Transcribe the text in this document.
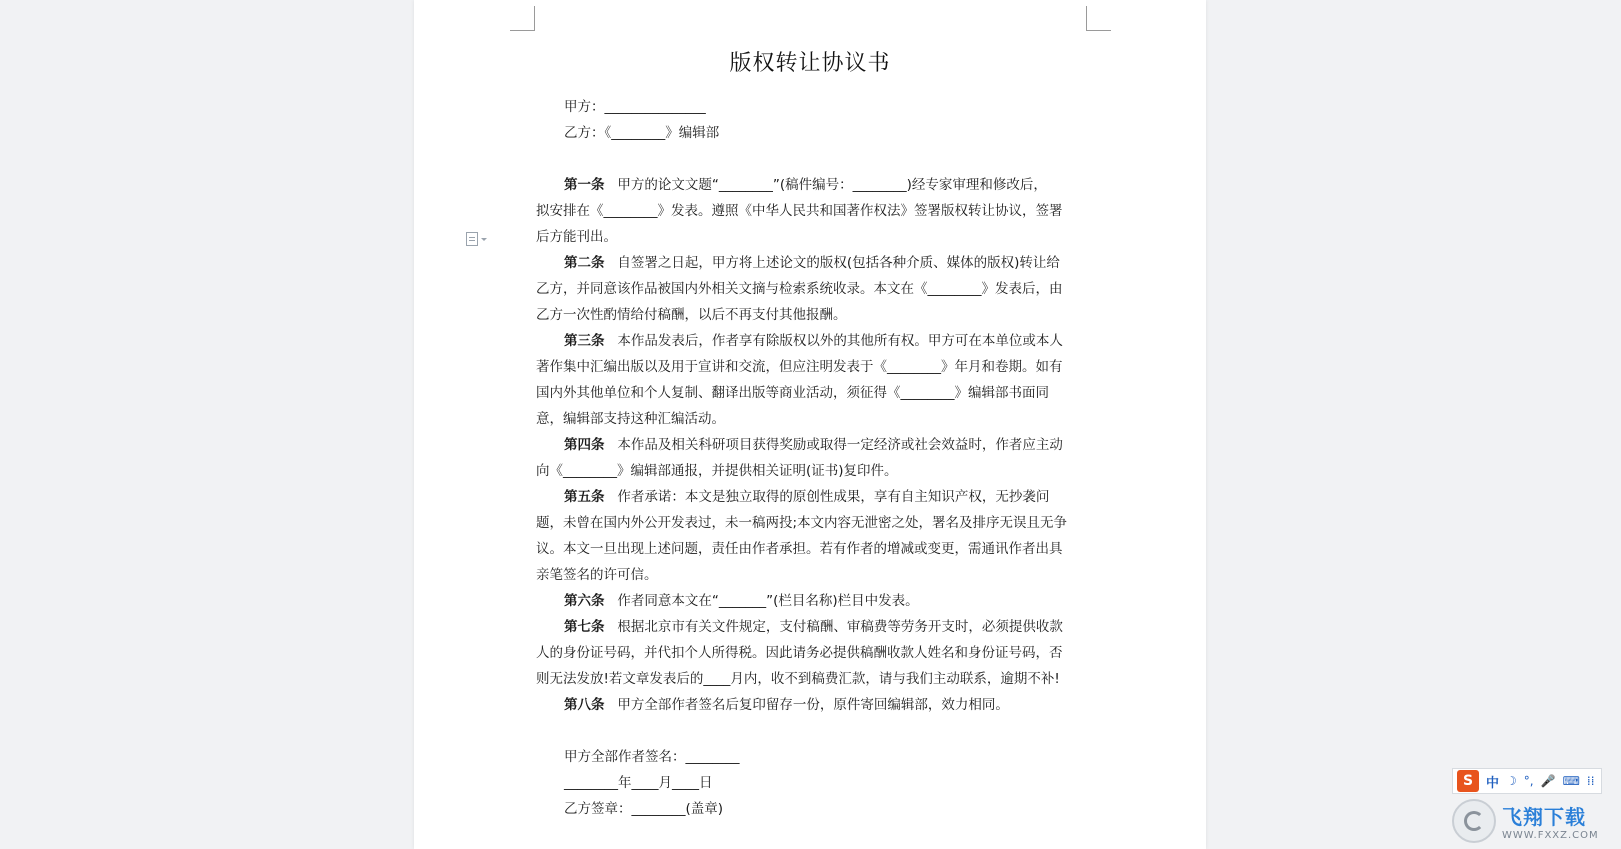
版权转让协议书
甲方：_______________
乙方：《________》编辑部
第一条 甲方的论文文题“________”(稿件编号：________)经专家审理和修改后，
拟安排在《________》发表。遵照《中华人民共和国著作权法》签署版权转让协议，签署
后方能刊出。
第二条 自签署之日起，甲方将上述论文的版权(包括各种介质、媒体的版权)转让给
乙方，并同意该作品被国内外相关文摘与检索系统收录。本文在《________》发表后，由
乙方一次性酌情给付稿酬，以后不再支付其他报酬。
第三条 本作品发表后，作者享有除版权以外的其他所有权。甲方可在本单位或本人
著作集中汇编出版以及用于宣讲和交流，但应注明发表于《________》年月和卷期。如有
国内外其他单位和个人复制、翻译出版等商业活动，须征得《________》编辑部书面同
意，编辑部支持这种汇编活动。
第四条 本作品及相关科研项目获得奖励或取得一定经济或社会效益时，作者应主动
向《________》编辑部通报，并提供相关证明(证书)复印件。
第五条 作者承诺：本文是独立取得的原创性成果，享有自主知识产权，无抄袭问
题，未曾在国内外公开发表过，未一稿两投;本文内容无泄密之处，署名及排序无误且无争
议。本文一旦出现上述问题，责任由作者承担。若有作者的增减或变更，需通讯作者出具
亲笔签名的许可信。
第六条 作者同意本文在“_______”(栏目名称)栏目中发表。
第七条 根据北京市有关文件规定，支付稿酬、审稿费等劳务开支时，必须提供收款
人的身份证号码，并代扣个人所得税。因此请务必提供稿酬收款人姓名和身份证号码，否
则无法发放!若文章发表后的____月内，收不到稿费汇款，请与我们主动联系，逾期不补!
第八条 甲方全部作者签名后复印留存一份，原件寄回编辑部，效力相同。
甲方全部作者签名：________
________年____月____日
乙方签章：________(盖章)
S 中 ☽ °, 🎤 ⌨ ⁞⁞
飞翔下载
WWW.FXXZ.COM
